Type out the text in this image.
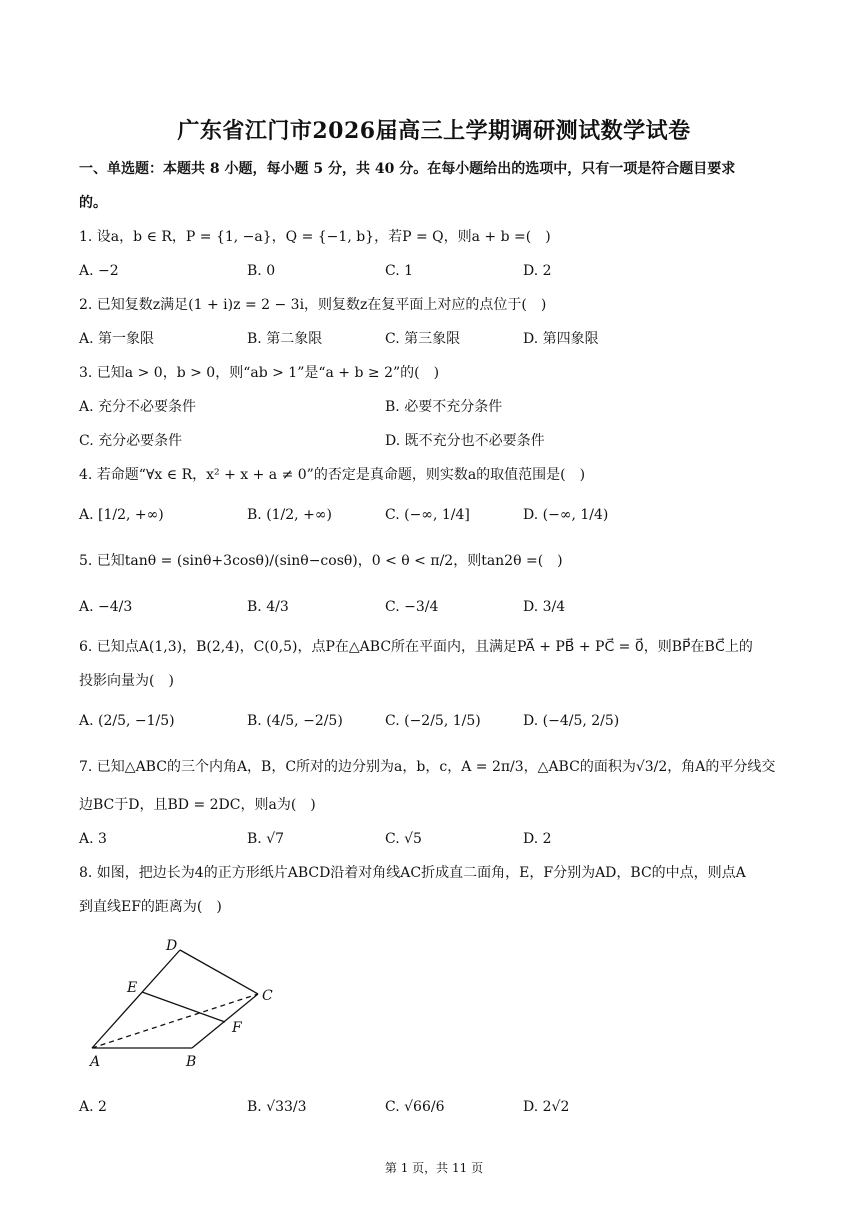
广东省江门市2026届高三上学期调研测试数学试卷
一、单选题：本题共 8 小题，每小题 5 分，共 40 分。在每小题给出的选项中，只有一项是符合题目要求
的。
1. 设a，b ∈ R，P = {1, −a}，Q = {−1, b}，若P = Q，则a + b =(　)
A. −2	B. 0	C. 1	D. 2
2. 已知复数z满足(1 + i)z = 2 − 3i，则复数z在复平面上对应的点位于(　)
A. 第一象限	B. 第二象限	C. 第三象限	D. 第四象限
3. 已知a > 0，b > 0，则“ab > 1”是“a + b ≥ 2”的(　)
A. 充分不必要条件	B. 必要不充分条件
C. 充分必要条件	D. 既不充分也不必要条件
4. 若命题“∀x ∈ R，x² + x + a ≠ 0”的否定是真命题，则实数a的取值范围是(　)
A. [1/2, +∞)	B. (1/2, +∞)	C. (−∞, 1/4]	D. (−∞, 1/4)
5. 已知tanθ = (sinθ+3cosθ)/(sinθ−cosθ)，0 < θ < π/2，则tan2θ =(　)
A. −4/3	B. 4/3	C. −3/4	D. 3/4
6. 已知点A(1,3)，B(2,4)，C(0,5)，点P在△ABC所在平面内，且满足PA⃗ + PB⃗ + PC⃗ = 0⃗，则BP⃗在BC⃗上的
投影向量为(　)
A. (2/5, −1/5)	B. (4/5, −2/5)	C. (−2/5, 1/5)	D. (−4/5, 2/5)
7. 已知△ABC的三个内角A，B，C所对的边分别为a，b，c，A = 2π/3，△ABC的面积为√3/2，角A的平分线交
边BC于D，且BD = 2DC，则a为(　)
A. 3	B. √7	C. √5	D. 2
8. 如图，把边长为4的正方形纸片ABCD沿着对角线AC折成直二面角，E，F分别为AD，BC的中点，则点A
到直线EF的距离为(　)
D
E	C
F
A	B
A. 2	B. √33/3	C. √66/6	D. 2√2
第 1 页，共 11 页
